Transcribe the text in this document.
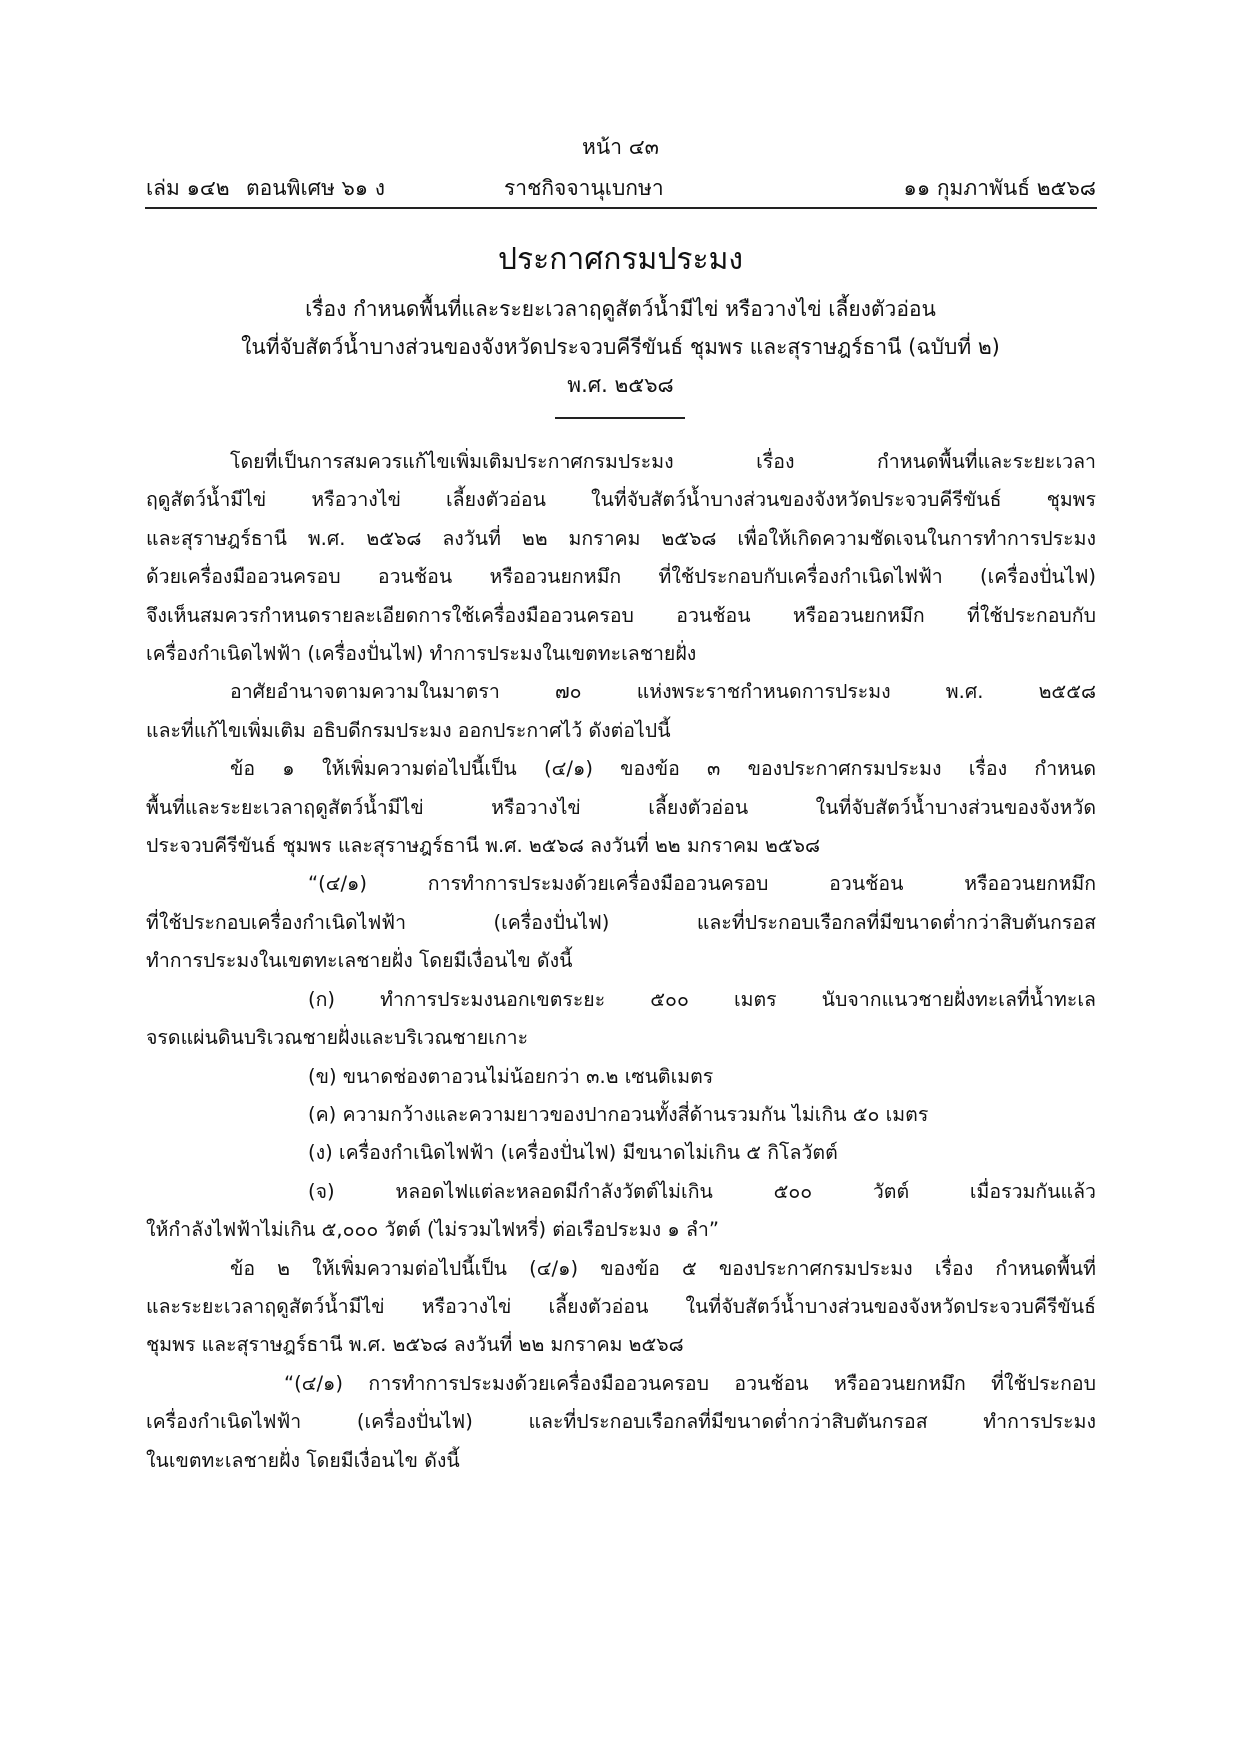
หน้า ๔๓
เล่ม ๑๔๒ ตอนพิเศษ ๖๑ ง	ราชกิจจานุเบกษา	๑๑ กุมภาพันธ์ ๒๕๖๘
ประกาศกรมประมง
เรื่อง กำหนดพื้นที่และระยะเวลาฤดูสัตว์น้ำมีไข่ หรือวางไข่ เลี้ยงตัวอ่อน
ในที่จับสัตว์น้ำบางส่วนของจังหวัดประจวบคีรีขันธ์ ชุมพร และสุราษฎร์ธานี (ฉบับที่ ๒)
พ.ศ. ๒๕๖๘

โดยที่เป็นการสมควรแก้ไขเพิ่มเติมประกาศกรมประมง เรื่อง กำหนดพื้นที่และระยะเวลา
ฤดูสัตว์น้ำมีไข่ หรือวางไข่ เลี้ยงตัวอ่อน ในที่จับสัตว์น้ำบางส่วนของจังหวัดประจวบคีรีขันธ์ ชุมพร
และสุราษฎร์ธานี พ.ศ. ๒๕๖๘ ลงวันที่ ๒๒ มกราคม ๒๕๖๘ เพื่อให้เกิดความชัดเจนในการทำการประมง
ด้วยเครื่องมืออวนครอบ อวนช้อน หรืออวนยกหมึก ที่ใช้ประกอบกับเครื่องกำเนิดไฟฟ้า (เครื่องปั่นไฟ)
จึงเห็นสมควรกำหนดรายละเอียดการใช้เครื่องมืออวนครอบ อวนช้อน หรืออวนยกหมึก ที่ใช้ประกอบกับ
เครื่องกำเนิดไฟฟ้า (เครื่องปั่นไฟ) ทำการประมงในเขตทะเลชายฝั่ง

อาศัยอำนาจตามความในมาตรา ๗๐ แห่งพระราชกำหนดการประมง พ.ศ. ๒๕๕๘
และที่แก้ไขเพิ่มเติม อธิบดีกรมประมง ออกประกาศไว้ ดังต่อไปนี้

ข้อ ๑ ให้เพิ่มความต่อไปนี้เป็น (๔/๑) ของข้อ ๓ ของประกาศกรมประมง เรื่อง กำหนด
พื้นที่และระยะเวลาฤดูสัตว์น้ำมีไข่ หรือวางไข่ เลี้ยงตัวอ่อน ในที่จับสัตว์น้ำบางส่วนของจังหวัด
ประจวบคีรีขันธ์ ชุมพร และสุราษฎร์ธานี พ.ศ. ๒๕๖๘ ลงวันที่ ๒๒ มกราคม ๒๕๖๘

“(๔/๑) การทำการประมงด้วยเครื่องมืออวนครอบ อวนช้อน หรืออวนยกหมึก
ที่ใช้ประกอบเครื่องกำเนิดไฟฟ้า (เครื่องปั่นไฟ) และที่ประกอบเรือกลที่มีขนาดต่ำกว่าสิบตันกรอส
ทำการประมงในเขตทะเลชายฝั่ง โดยมีเงื่อนไข ดังนี้

(ก) ทำการประมงนอกเขตระยะ ๕๐๐ เมตร นับจากแนวชายฝั่งทะเลที่น้ำทะเล
จรดแผ่นดินบริเวณชายฝั่งและบริเวณชายเกาะ

(ข) ขนาดช่องตาอวนไม่น้อยกว่า ๓.๒ เซนติเมตร

(ค) ความกว้างและความยาวของปากอวนทั้งสี่ด้านรวมกัน ไม่เกิน ๕๐ เมตร

(ง) เครื่องกำเนิดไฟฟ้า (เครื่องปั่นไฟ) มีขนาดไม่เกิน ๕ กิโลวัตต์

(จ) หลอดไฟแต่ละหลอดมีกำลังวัตต์ไม่เกิน ๕๐๐ วัตต์ เมื่อรวมกันแล้ว
ให้กำลังไฟฟ้าไม่เกิน ๕,๐๐๐ วัตต์ (ไม่รวมไฟหรี่) ต่อเรือประมง ๑ ลำ”

ข้อ ๒ ให้เพิ่มความต่อไปนี้เป็น (๔/๑) ของข้อ ๕ ของประกาศกรมประมง เรื่อง กำหนดพื้นที่
และระยะเวลาฤดูสัตว์น้ำมีไข่ หรือวางไข่ เลี้ยงตัวอ่อน ในที่จับสัตว์น้ำบางส่วนของจังหวัดประจวบคีรีขันธ์
ชุมพร และสุราษฎร์ธานี พ.ศ. ๒๕๖๘ ลงวันที่ ๒๒ มกราคม ๒๕๖๘

“(๔/๑) การทำการประมงด้วยเครื่องมืออวนครอบ อวนช้อน หรืออวนยกหมึก ที่ใช้ประกอบ
เครื่องกำเนิดไฟฟ้า (เครื่องปั่นไฟ) และที่ประกอบเรือกลที่มีขนาดต่ำกว่าสิบตันกรอส ทำการประมง
ในเขตทะเลชายฝั่ง โดยมีเงื่อนไข ดังนี้
